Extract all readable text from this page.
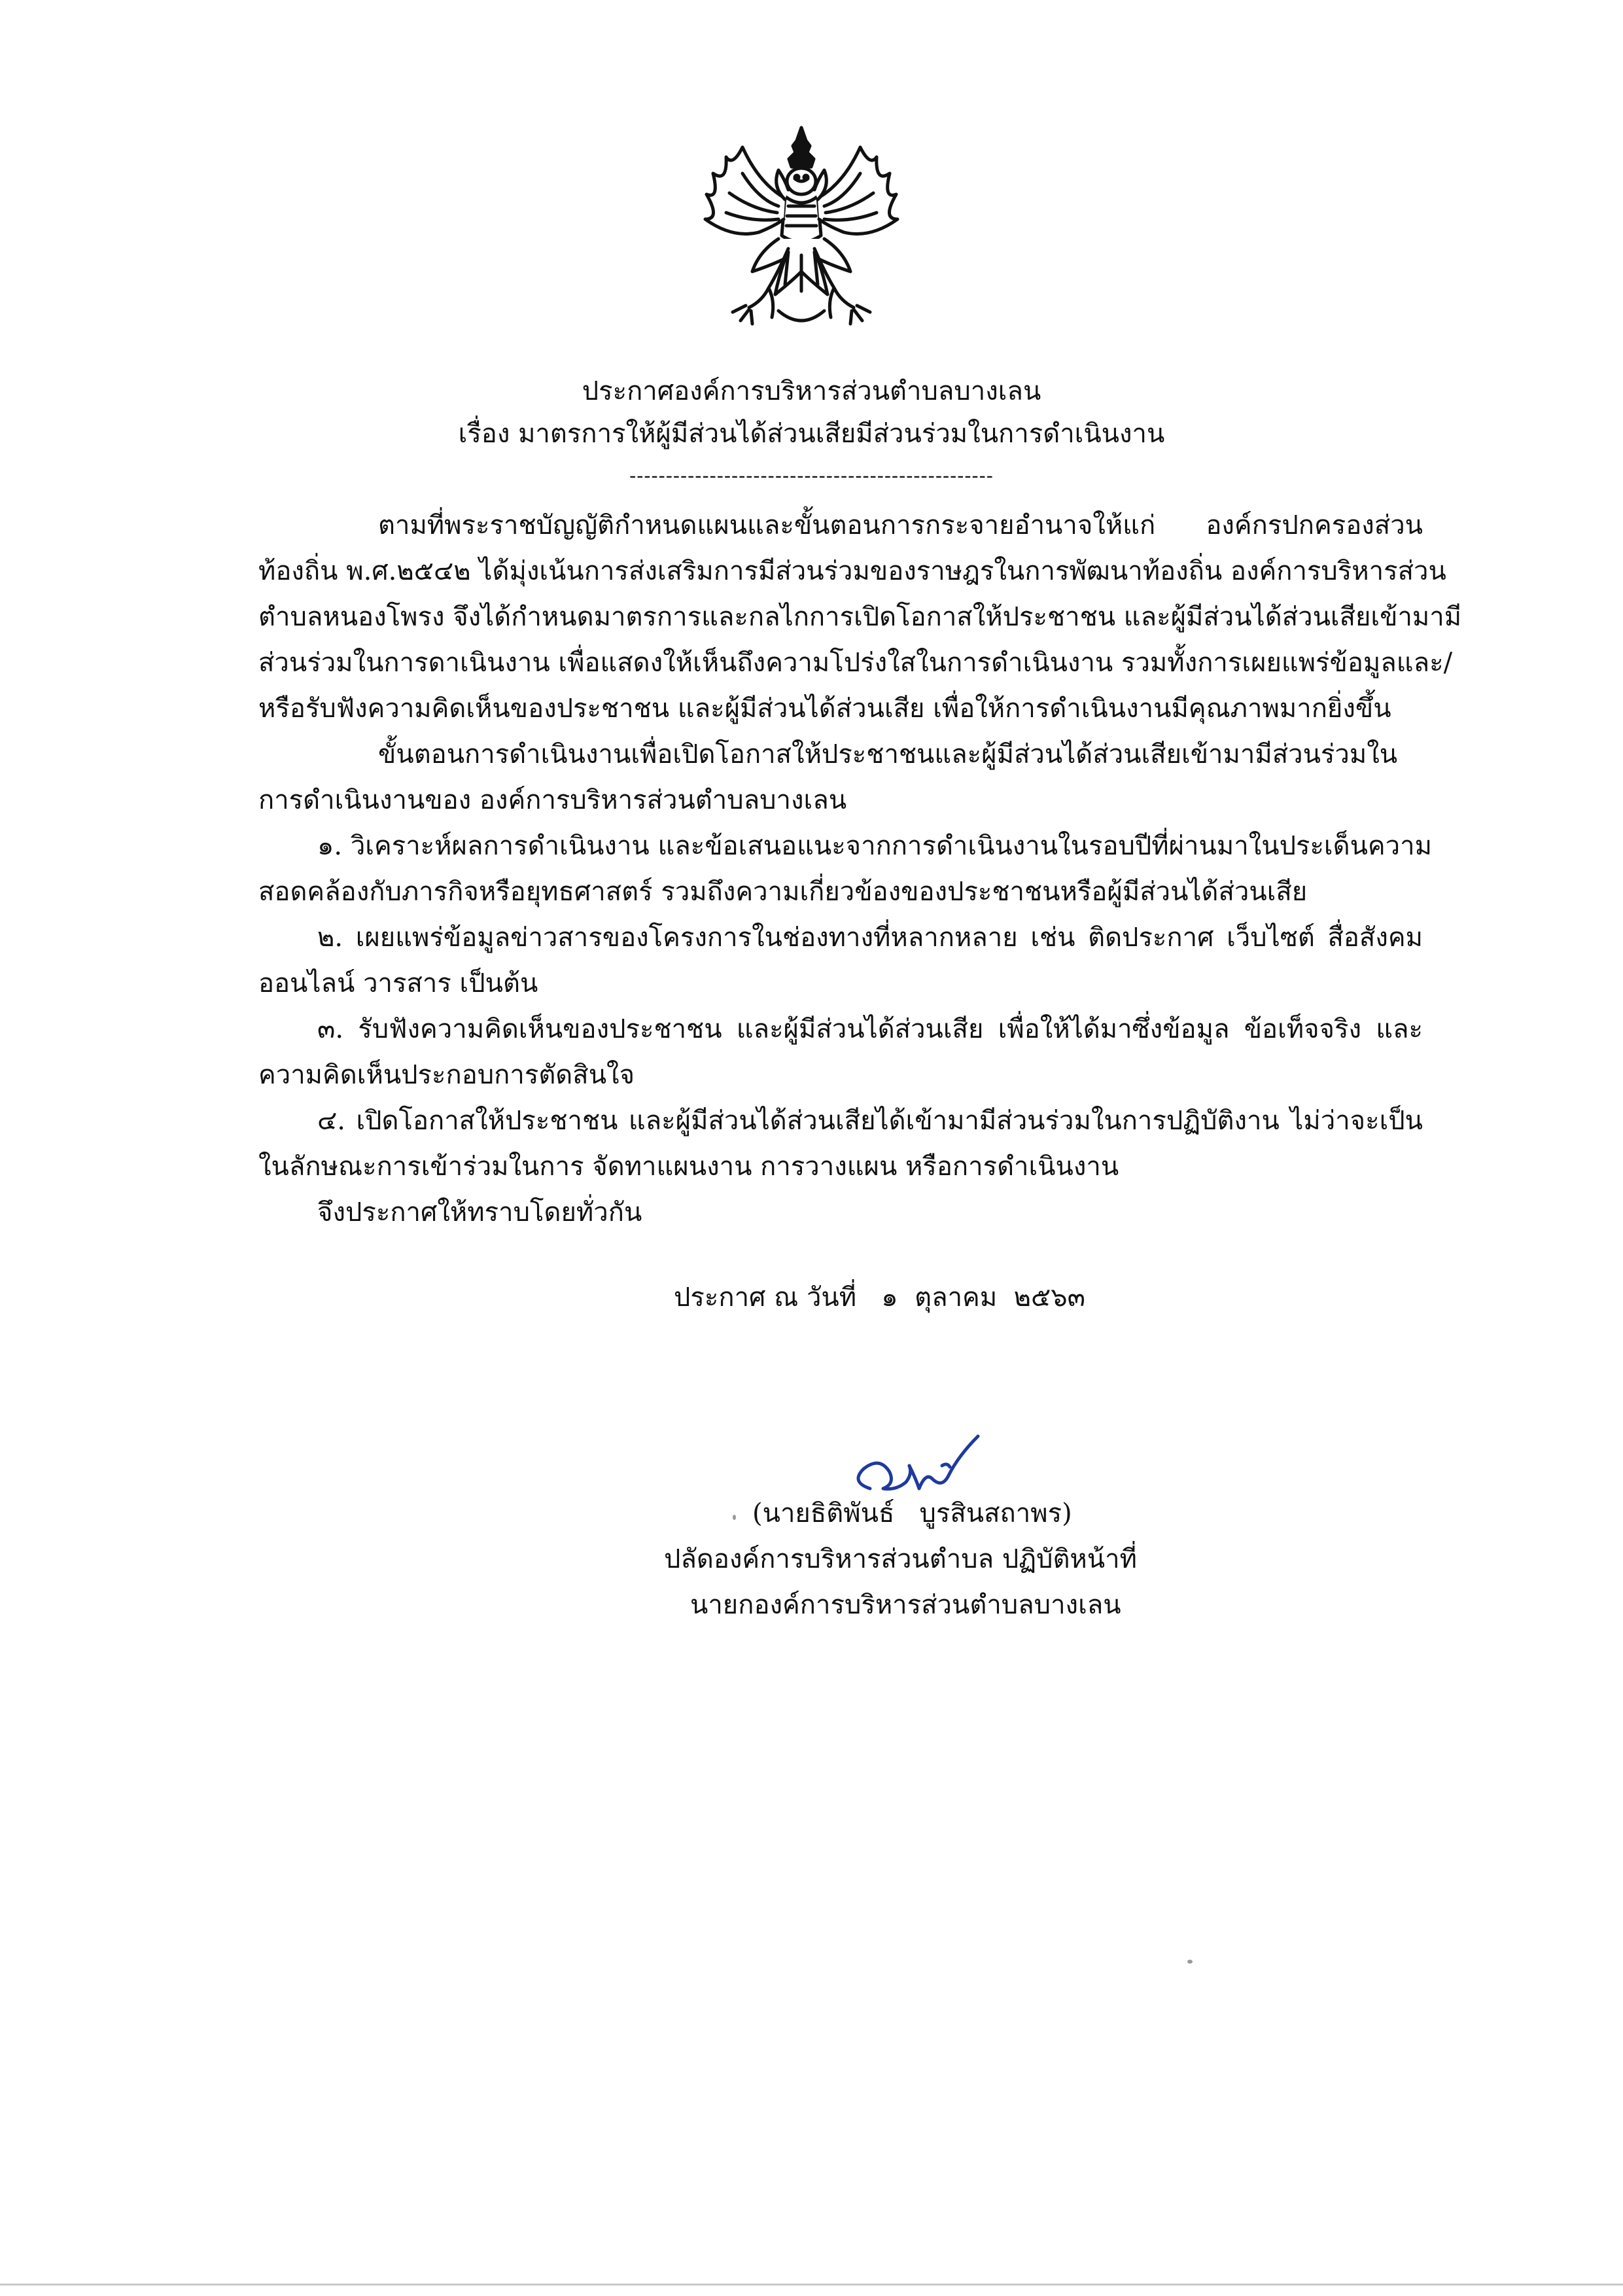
ประกาศองค์การบริหารส่วนตำบลบางเลน
เรื่อง มาตรการให้ผู้มีส่วนได้ส่วนเสียมีส่วนร่วมในการดำเนินงาน
--------------------------------------------------
ตามที่พระราชบัญญัติกำหนดแผนและขั้นตอนการกระจายอำนาจให้แก่ องค์กรปกครองส่วน
ท้องถิ่น พ.ศ.๒๕๔๒ ได้มุ่งเน้นการส่งเสริมการมีส่วนร่วมของราษฎรในการพัฒนาท้องถิ่น องค์การบริหารส่วน
ตำบลหนองโพรง จึงได้กำหนดมาตรการและกลไกการเปิดโอกาสให้ประชาชน และผู้มีส่วนได้ส่วนเสียเข้ามามี
ส่วนร่วมในการดาเนินงาน เพื่อแสดงให้เห็นถึงความโปร่งใสในการดำเนินงาน รวมทั้งการเผยแพร่ข้อมูลและ/
หรือรับฟังความคิดเห็นของประชาชน และผู้มีส่วนได้ส่วนเสีย เพื่อให้การดำเนินงานมีคุณภาพมากยิ่งขึ้น
ขั้นตอนการดำเนินงานเพื่อเปิดโอกาสให้ประชาชนและผู้มีส่วนได้ส่วนเสียเข้ามามีส่วนร่วมใน
การดำเนินงานของ องค์การบริหารส่วนตำบลบางเลน
๑. วิเคราะห์ผลการดำเนินงาน และข้อเสนอแนะจากการดำเนินงานในรอบปีที่ผ่านมาในประเด็นความ
สอดคล้องกับภารกิจหรือยุทธศาสตร์ รวมถึงความเกี่ยวข้องของประชาชนหรือผู้มีส่วนได้ส่วนเสีย
๒. เผยแพร่ข้อมูลข่าวสารของโครงการในช่องทางที่หลากหลาย เช่น ติดประกาศ เว็บไซต์ สื่อสังคม
ออนไลน์ วารสาร เป็นต้น
๓. รับฟังความคิดเห็นของประชาชน และผู้มีส่วนได้ส่วนเสีย เพื่อให้ได้มาซึ่งข้อมูล ข้อเท็จจริง และ
ความคิดเห็นประกอบการตัดสินใจ
๔. เปิดโอกาสให้ประชาชน และผู้มีส่วนได้ส่วนเสียได้เข้ามามีส่วนร่วมในการปฏิบัติงาน ไม่ว่าจะเป็น
ในลักษณะการเข้าร่วมในการ จัดทาแผนงาน การวางแผน หรือการดำเนินงาน
จึงประกาศให้ทราบโดยทั่วกัน
ประกาศ ณ วันที่   ๑  ตุลาคม  ๒๕๖๓
(นายธิติพันธ์   บูรสินสถาพร)
ปลัดองค์การบริหารส่วนตำบล ปฏิบัติหน้าที่
นายกองค์การบริหารส่วนตำบลบางเลน
